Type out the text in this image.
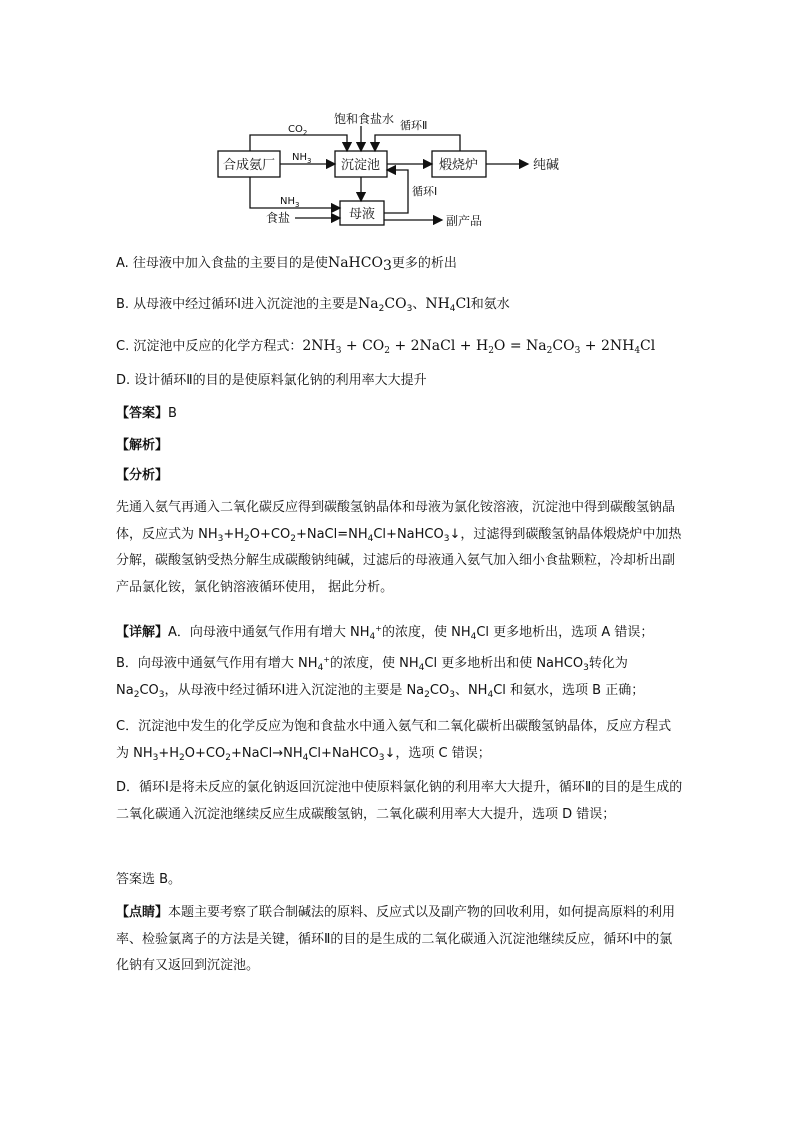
饱和食盐水
$CO_2$
循环Ⅱ
合成氨厂	沉淀池	煅烧炉
母液
$NH_3$
$NH_3$
循环Ⅰ
纯碱
食盐	副产品
A. 往母液中加入食盐的主要目的是使NaHCO$_3$更多的析出
B. 从母液中经过循环Ⅰ进入沉淀池的主要是$Na_2CO_3$、$NH_4Cl$和氨水
C. 沉淀池中反应的化学方程式：$2NH_3 + CO_2$ + 2NaCl + $H_2O = Na_2CO_3 + 2NH_4Cl$
D. 设计循环Ⅱ的目的是使原料氯化钠的利用率大大提升
【答案】B
【解析】
【分析】
先通入氨气再通入二氧化碳反应得到碳酸氢钠晶体和母液为氯化铵溶液，沉淀池中得到碳酸氢钠晶体，反应式为 $NH_3+H_2O+CO_2+NaCl=NH_4Cl+NaHCO_3↓$，过滤得到碳酸氢钠晶体煅烧炉中加热分解，碳酸氢钠受热分解生成碳酸钠纯碱，过滤后的母液通入氨气加入细小食盐颗粒，冷却析出副产品氯化铵，氯化钠溶液循环使用， 据此分析。
【详解】A．向母液中通氨气作用有增大 $NH_4^+$的浓度，使 $NH_4Cl$ 更多地析出，选项 A 错误；
B．向母液中通氨气作用有增大 $NH_4^+$的浓度，使 $NH_4Cl$ 更多地析出和使 NaHCO$_3$转化为 $Na_2CO_3$，从母液中经过循环Ⅰ进入沉淀池的主要是 $Na_2CO_3$、$NH_4Cl$ 和氨水，选项 B 正确；
C．沉淀池中发生的化学反应为饱和食盐水中通入氨气和二氧化碳析出碳酸氢钠晶体，反应方程式为 $NH_3+H_2O+CO_2+NaCl\to NH_4Cl+NaHCO_3↓$，选项 C 错误；
D．循环Ⅰ是将未反应的氯化钠返回沉淀池中使原料氯化钠的利用率大大提升，循环Ⅱ的目的是生成的二氧化碳通入沉淀池继续反应生成碳酸氢钠，二氧化碳利用率大大提升，选项 D 错误；
答案选 B。
【点睛】本题主要考察了联合制碱法的原料、反应式以及副产物的回收利用，如何提高原料的利用率、检验氯离子的方法是关键，循环Ⅱ的目的是生成的二氧化碳通入沉淀池继续反应，循环Ⅰ中的氯化钠有又返回到沉淀池。
